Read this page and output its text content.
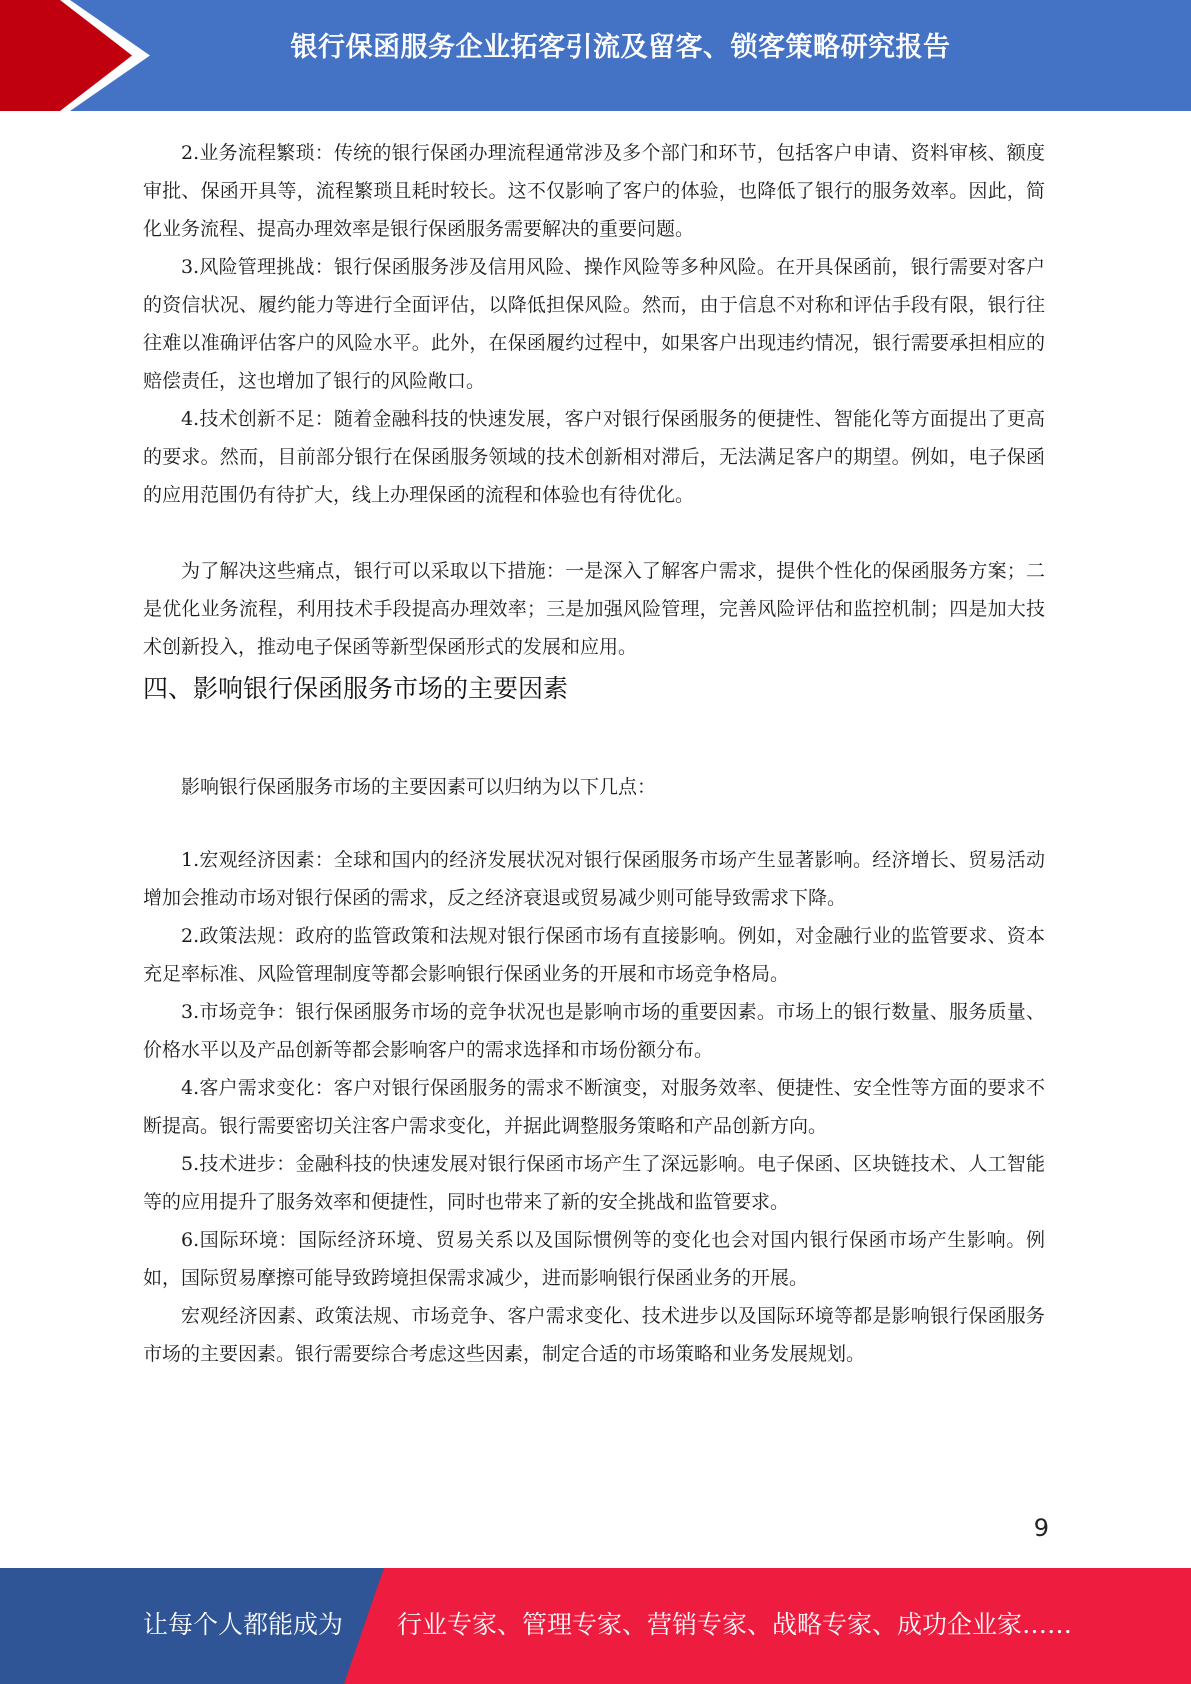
银行保函服务企业拓客引流及留客、锁客策略研究报告

2.业务流程繁琐：传统的银行保函办理流程通常涉及多个部门和环节，包括客户申请、资料审核、额度审批、保函开具等，流程繁琐且耗时较长。这不仅影响了客户的体验，也降低了银行的服务效率。因此，简化业务流程、提高办理效率是银行保函服务需要解决的重要问题。

3.风险管理挑战：银行保函服务涉及信用风险、操作风险等多种风险。在开具保函前，银行需要对客户的资信状况、履约能力等进行全面评估，以降低担保风险。然而，由于信息不对称和评估手段有限，银行往往难以准确评估客户的风险水平。此外，在保函履约过程中，如果客户出现违约情况，银行需要承担相应的赔偿责任，这也增加了银行的风险敞口。

4.技术创新不足：随着金融科技的快速发展，客户对银行保函服务的便捷性、智能化等方面提出了更高的要求。然而，目前部分银行在保函服务领域的技术创新相对滞后，无法满足客户的期望。例如，电子保函的应用范围仍有待扩大，线上办理保函的流程和体验也有待优化。

为了解决这些痛点，银行可以采取以下措施：一是深入了解客户需求，提供个性化的保函服务方案；二是优化业务流程，利用技术手段提高办理效率；三是加强风险管理，完善风险评估和监控机制；四是加大技术创新投入，推动电子保函等新型保函形式的发展和应用。

四、影响银行保函服务市场的主要因素

影响银行保函服务市场的主要因素可以归纳为以下几点：

1.宏观经济因素：全球和国内的经济发展状况对银行保函服务市场产生显著影响。经济增长、贸易活动增加会推动市场对银行保函的需求，反之经济衰退或贸易减少则可能导致需求下降。

2.政策法规：政府的监管政策和法规对银行保函市场有直接影响。例如，对金融行业的监管要求、资本充足率标准、风险管理制度等都会影响银行保函业务的开展和市场竞争格局。

3.市场竞争：银行保函服务市场的竞争状况也是影响市场的重要因素。市场上的银行数量、服务质量、价格水平以及产品创新等都会影响客户的需求选择和市场份额分布。

4.客户需求变化：客户对银行保函服务的需求不断演变，对服务效率、便捷性、安全性等方面的要求不断提高。银行需要密切关注客户需求变化，并据此调整服务策略和产品创新方向。

5.技术进步：金融科技的快速发展对银行保函市场产生了深远影响。电子保函、区块链技术、人工智能等的应用提升了服务效率和便捷性，同时也带来了新的安全挑战和监管要求。

6.国际环境：国际经济环境、贸易关系以及国际惯例等的变化也会对国内银行保函市场产生影响。例如，国际贸易摩擦可能导致跨境担保需求减少，进而影响银行保函业务的开展。

宏观经济因素、政策法规、市场竞争、客户需求变化、技术进步以及国际环境等都是影响银行保函服务市场的主要因素。银行需要综合考虑这些因素，制定合适的市场策略和业务发展规划。

9
让每个人都能成为 行业专家、管理专家、营销专家、战略专家、成功企业家……
